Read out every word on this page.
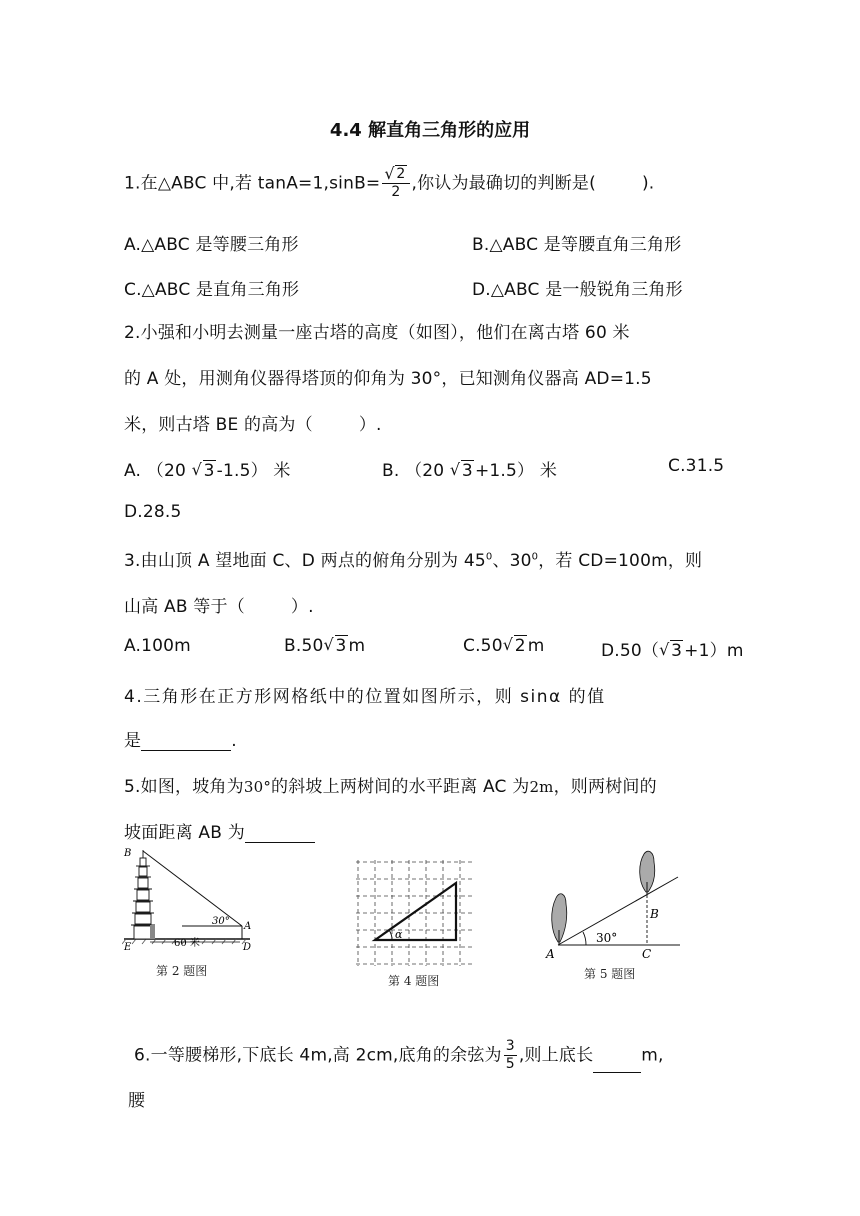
4.4 解直角三角形的应用
1.在△ABC 中,若 tanA=1,sinB= √ $\frac{2}{2}$ ,你认为最确切的判断是(	).
A.△ABC 是等腰三角形	B.△ABC 是等腰直角三角形
C.△ABC 是直角三角形	D.△ABC 是一般锐角三角形
2.小强和小明去测量一座古塔的高度（如图），他们在离古塔 60 米
的 A 处，用测角仪器得塔顶的仰角为 30°，已知测角仪器高 AD=1.5
米，则古塔 BE 的高为（	）.
A. （20 √ 3 -1.5） 米	B. （20 √ 3 +1.5） 米	C.31.5
D.28.5
3.由山顶 A 望地面 C、D 两点的俯角分别为 $45^0$、$30^0$，若 CD=100m，则
山高 AB 等于（	）.
A.100m	B.50 √ 3 m	C.50 √ 2 m	D.50（ √ 3 +1）m
4.三角形在正方形网格纸中的位置如图所示，则 sinα 的值
是	.
5.如图，坡角为30°的斜坡上两树间的水平距离 AC 为2m，则两树间的
坡面距离 AB 为
B
E
A
D
30°
60 米
第 2 题图
α
第 4 题图
A
B
C
30°
第 5 题图
6.一等腰梯形,下底长 4m,高 2cm,底角的余弦为 $\frac{3}{5}$ ,则上底长	m,
腰
